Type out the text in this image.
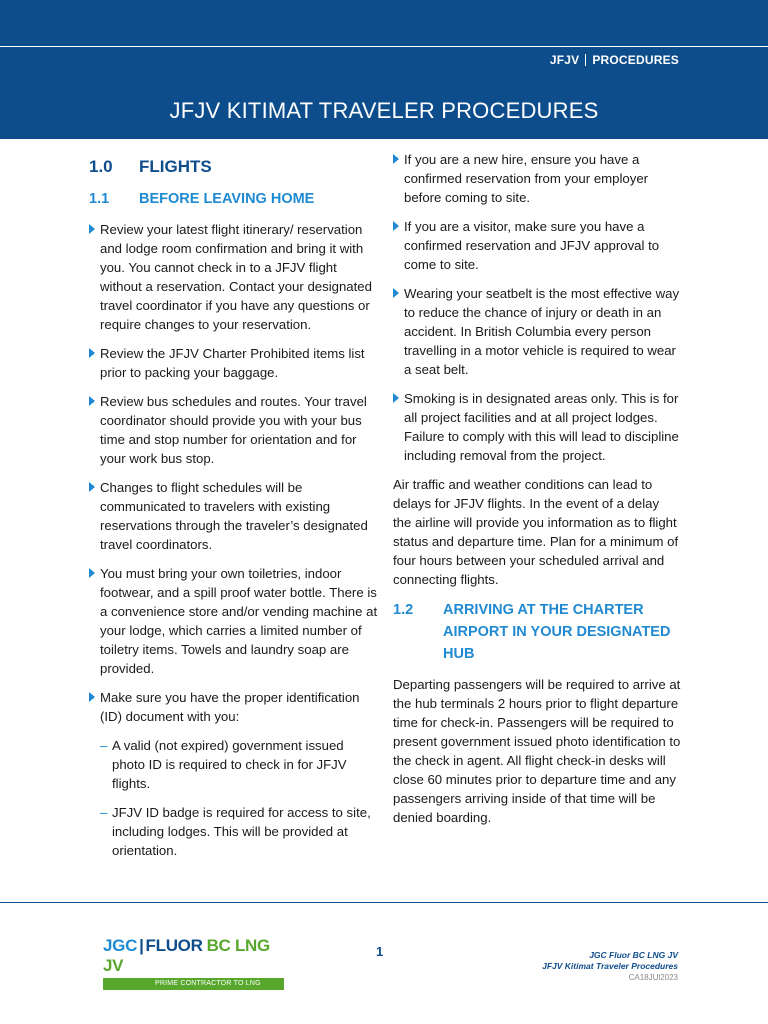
JFJV PROCEDURES
JFJV KITIMAT TRAVELER PROCEDURES
1.0 FLIGHTS
1.1	BEFORE LEAVING HOME
Review your latest flight itinerary/ reservation and lodge room confirmation and bring it with you. You cannot check in to a JFJV flight without a reservation. Contact your designated travel coordinator if you have any questions or require changes to your reservation.
Review the JFJV Charter Prohibited items list prior to packing your baggage.
Review bus schedules and routes. Your travel coordinator should provide you with your bus time and stop number for orientation and for your work bus stop.
Changes to flight schedules will be communicated to travelers with existing reservations through the traveler’s designated travel coordinators.
You must bring your own toiletries, indoor footwear, and a spill proof water bottle. There is a convenience store and/or vending machine at your lodge, which carries a limited number of toiletry items. Towels and laundry soap are provided.
Make sure you have the proper identification (ID) document with you:
– A valid (not expired) government issued photo ID is required to check in for JFJV flights.
– JFJV ID badge is required for access to site, including lodges. This will be provided at orientation.
If you are a new hire, ensure you have a confirmed reservation from your employer before coming to site.
If you are a visitor, make sure you have a confirmed reservation and JFJV approval to come to site.
Wearing your seatbelt is the most effective way to reduce the chance of injury or death in an accident. In British Columbia every person travelling in a motor vehicle is required to wear a seat belt.
Smoking is in designated areas only. This is for all project facilities and at all project lodges. Failure to comply with this will lead to discipline including removal from the project.

Air traffic and weather conditions can lead to delays for JFJV flights. In the event of a delay the airline will provide you information as to flight status and departure time. Plan for a minimum of four hours between your scheduled arrival and connecting flights.

1.2	ARRIVING AT THE CHARTER AIRPORT IN YOUR DESIGNATED HUB

Departing passengers will be required to arrive at the hub terminals 2 hours prior to flight departure time for check-in. Passengers will be required to present government issued photo identification to the check in agent. All flight check-in desks will close 60 minutes prior to departure time and any passengers arriving inside of that time will be denied boarding.

JGC | FLUOR BC LNG JV
PRIME CONTRACTOR TO LNG CANADA
1	JGC Fluor BC LNG JV
JFJV Kitimat Traveler Procedures
CA18JUl2023
